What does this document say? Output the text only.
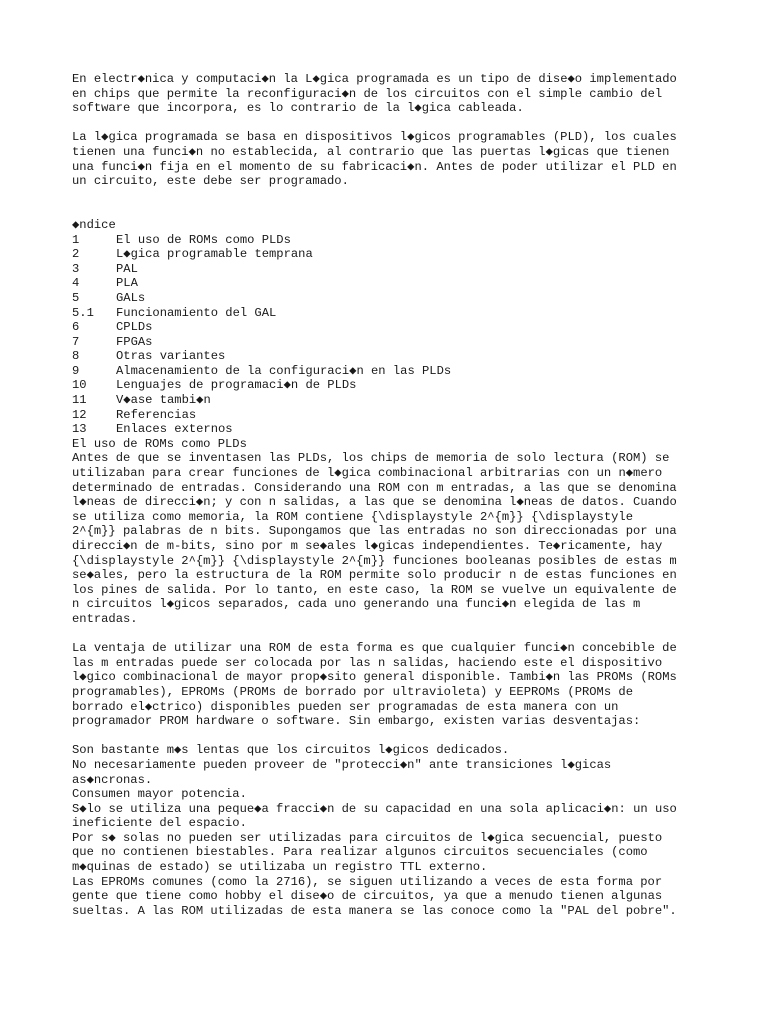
En electr◆nica y computaci◆n la L◆gica programada es un tipo de dise◆o implementado
en chips que permite la reconfiguraci◆n de los circuitos con el simple cambio del
software que incorpora, es lo contrario de la l◆gica cableada.
La l◆gica programada se basa en dispositivos l◆gicos programables (PLD), los cuales
tienen una funci◆n no establecida, al contrario que las puertas l◆gicas que tienen
una funci◆n fija en el momento de su fabricaci◆n. Antes de poder utilizar el PLD en
un circuito, este debe ser programado.
◆ndice
1	El uso de ROMs como PLDs
2	L◆gica programable temprana
3	PAL
4	PLA
5	GALs
5.1	Funcionamiento del GAL
6	CPLDs
7	FPGAs
8	Otras variantes
9	Almacenamiento de la configuraci◆n en las PLDs
10	Lenguajes de programaci◆n de PLDs
11	V◆ase tambi◆n
12	Referencias
13	Enlaces externos
El uso de ROMs como PLDs
Antes de que se inventasen las PLDs, los chips de memoria de solo lectura (ROM) se
utilizaban para crear funciones de l◆gica combinacional arbitrarias con un n◆mero
determinado de entradas. Considerando una ROM con m entradas, a las que se denomina
l◆neas de direcci◆n; y con n salidas, a las que se denomina l◆neas de datos. Cuando
se utiliza como memoria, la ROM contiene {\displaystyle 2^{m}} {\displaystyle
2^{m}} palabras de n bits. Supongamos que las entradas no son direccionadas por una
direcci◆n de m-bits, sino por m se◆ales l◆gicas independientes. Te◆ricamente, hay
{\displaystyle 2^{m}} {\displaystyle 2^{m}} funciones booleanas posibles de estas m
se◆ales, pero la estructura de la ROM permite solo producir n de estas funciones en
los pines de salida. Por lo tanto, en este caso, la ROM se vuelve un equivalente de
n circuitos l◆gicos separados, cada uno generando una funci◆n elegida de las m
entradas.
La ventaja de utilizar una ROM de esta forma es que cualquier funci◆n concebible de
las m entradas puede ser colocada por las n salidas, haciendo este el dispositivo
l◆gico combinacional de mayor prop◆sito general disponible. Tambi◆n las PROMs (ROMs
programables), EPROMs (PROMs de borrado por ultravioleta) y EEPROMs (PROMs de
borrado el◆ctrico) disponibles pueden ser programadas de esta manera con un
programador PROM hardware o software. Sin embargo, existen varias desventajas:
Son bastante m◆s lentas que los circuitos l◆gicos dedicados.
No necesariamente pueden proveer de "protecci◆n" ante transiciones l◆gicas
as◆ncronas.
Consumen mayor potencia.
S◆lo se utiliza una peque◆a fracci◆n de su capacidad en una sola aplicaci◆n: un uso
ineficiente del espacio.
Por s◆ solas no pueden ser utilizadas para circuitos de l◆gica secuencial, puesto
que no contienen biestables. Para realizar algunos circuitos secuenciales (como
m◆quinas de estado) se utilizaba un registro TTL externo.
Las EPROMs comunes (como la 2716), se siguen utilizando a veces de esta forma por
gente que tiene como hobby el dise◆o de circuitos, ya que a menudo tienen algunas
sueltas. A las ROM utilizadas de esta manera se las conoce como la "PAL del pobre".
